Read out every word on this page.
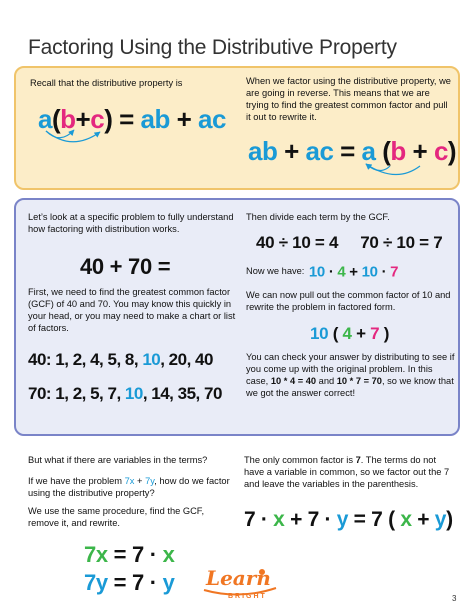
Factoring Using the Distributive Property
Recall that the distributive property is
a(b+c) = ab + ac
When we factor using the distributive property, we are going in reverse. This means that we are trying to find the greatest common factor and pull it out to rewrite it.
ab + ac = a (b + c)
Let’s look at a specific problem to fully understand how factoring with distribution works.
40 + 70 =
First, we need to find the greatest common factor (GCF) of 40 and 70. You may know this quickly in your head, or you may need to make a chart or list of factors.
40: 1, 2, 4, 5, 8, 10, 20, 40
70: 1, 2, 5, 7, 10, 14, 35, 70
Then divide each term by the GCF.
40 ÷ 10 = 4     70 ÷ 10 = 7
Now we have: 10 · 4 + 10 · 7
We can now pull out the common factor of 10 and rewrite the problem in factored form.
10 ( 4 + 7 )
You can check your answer by distributing to see if you come up with the original problem. In this case, 10 * 4 = 40 and 10 * 7 = 70, so we know that we got the answer correct!
But what if there are variables in the terms?
If we have the problem 7x + 7y, how do we factor using the distributive property?
We use the same procedure, find the GCF, remove it, and rewrite.
7x = 7 · x
7y = 7 · y
The only common factor is 7. The terms do not have a variable in common, so we factor out the 7 and leave the variables in the parenthesis.
7 · x + 7 · y = 7 ( x + y)
Learn
BRIGHT	3
